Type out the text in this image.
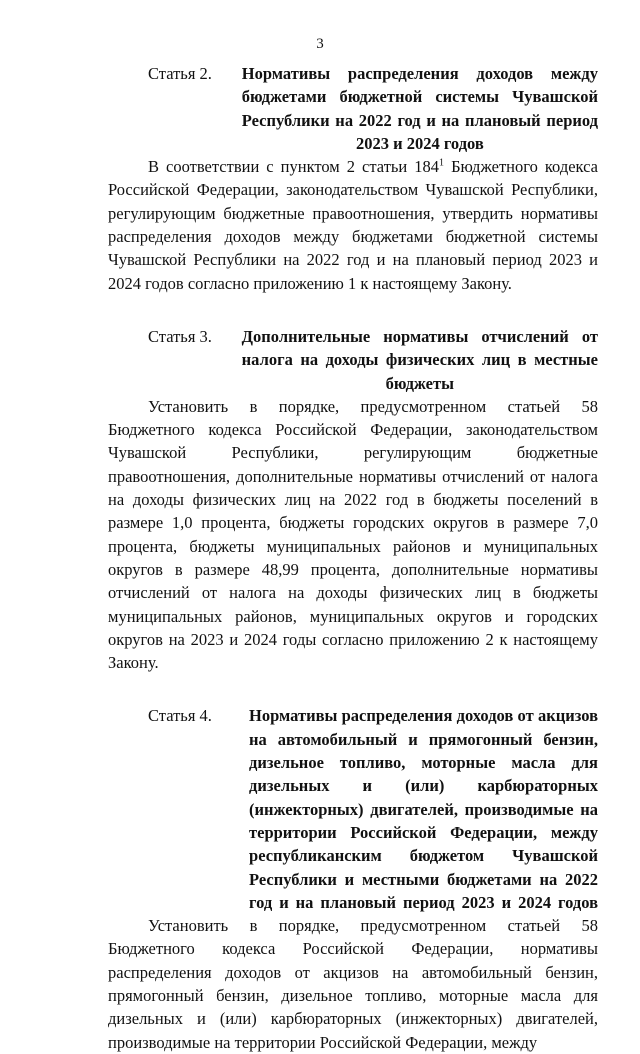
3
Статья 2.	Нормативы распределения доходов между бюджетами бюджетной системы Чувашской Республики на 2022 год и на плановый период 2023 и 2024 годов

В соответствии с пунктом 2 статьи $184^1$ Бюджетного кодекса Российской Федерации, законодательством Чувашской Республики, регулирующим бюджетные правоотношения, утвердить нормативы распределения доходов между бюджетами бюджетной системы Чувашской Республики на 2022 год и на плановый период 2023 и 2024 годов согласно приложению 1 к настоящему Закону.

Статья 3.	Дополнительные нормативы отчислений от налога на доходы физических лиц в местные бюджеты

Установить в порядке, предусмотренном статьей 58 Бюджетного кодекса Российской Федерации, законодательством Чувашской Республики, регулирующим бюджетные правоотношения, дополнительные нормативы отчислений от налога на доходы физических лиц на 2022 год в бюджеты поселений в размере 1,0 процента, бюджеты городских округов в размере 7,0 процента, бюджеты муниципальных районов и муниципальных округов в размере 48,99 процента, дополнительные нормативы отчислений от налога на доходы физических лиц в бюджеты муниципальных районов, муниципальных округов и городских округов на 2023 и 2024 годы согласно приложению 2 к настоящему Закону.

Статья 4.	Нормативы распределения доходов от акцизов на автомобильный и прямогонный бензин, дизельное топливо, моторные масла для дизельных и (или) карбюраторных (инжекторных) двигателей, производимые на территории Российской Федерации, между республиканским бюджетом Чувашской Республики и местными бюджетами на 2022 год и на плановый период 2023 и 2024 годов

Установить в порядке, предусмотренном статьей 58 Бюджетного кодекса Российской Федерации, нормативы распределения доходов от акцизов на автомобильный бензин, прямогонный бензин, дизельное топливо, моторные масла для дизельных и (или) карбюраторных (инжекторных) двигателей, производимые на территории Российской Федерации, между
